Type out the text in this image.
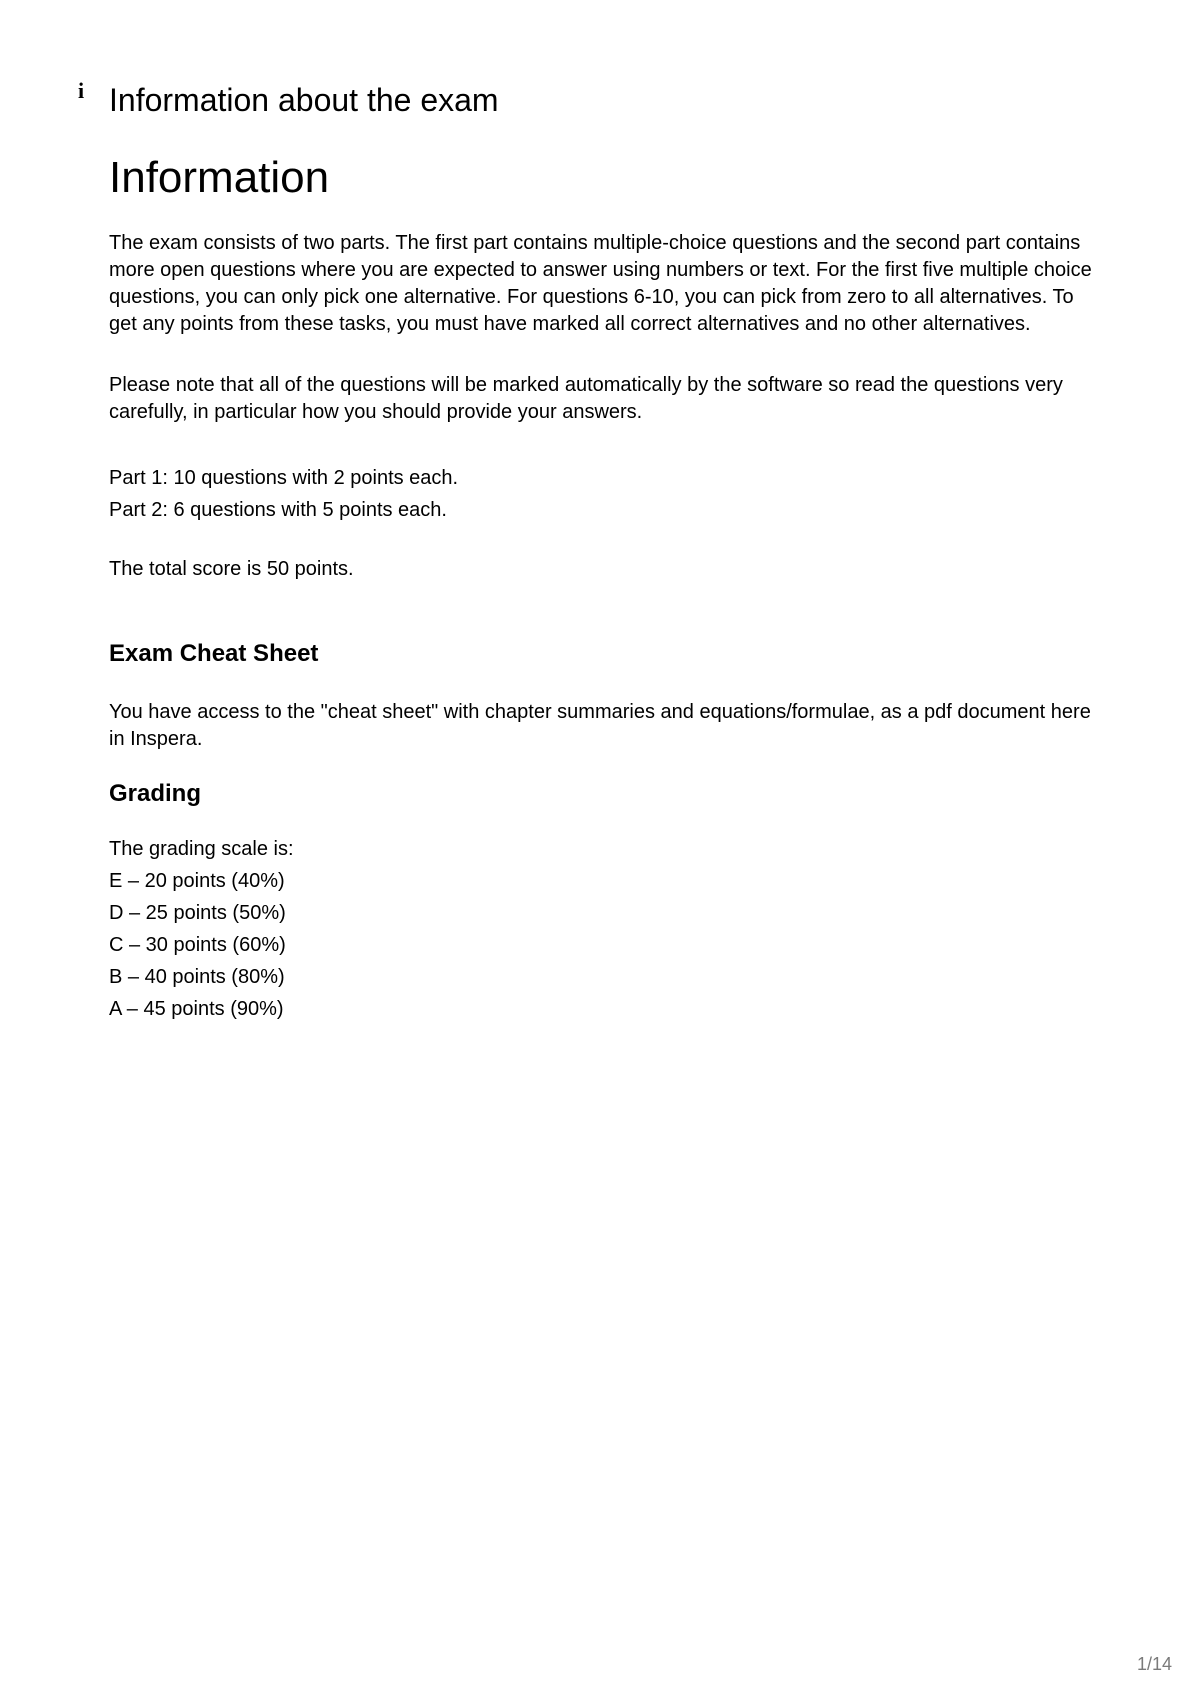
i Information about the exam
Information

The exam consists of two parts. The first part contains multiple-choice questions and the second part contains more open questions where you are expected to answer using numbers or text. For the first five multiple choice questions, you can only pick one alternative. For questions 6-10, you can pick from zero to all alternatives. To get any points from these tasks, you must have marked all correct alternatives and no other alternatives.

Please note that all of the questions will be marked automatically by the software so read the questions very carefully, in particular how you should provide your answers.

Part 1: 10 questions with 2 points each.
Part 2: 6 questions with 5 points each.

The total score is 50 points.

Exam Cheat Sheet

You have access to the "cheat sheet" with chapter summaries and equations/formulae, as a pdf document here in Inspera.

Grading

The grading scale is:

E – 20 points (40%)
D – 25 points (50%)
C – 30 points (60%)
B – 40 points (80%)
A – 45 points (90%)
1/14
